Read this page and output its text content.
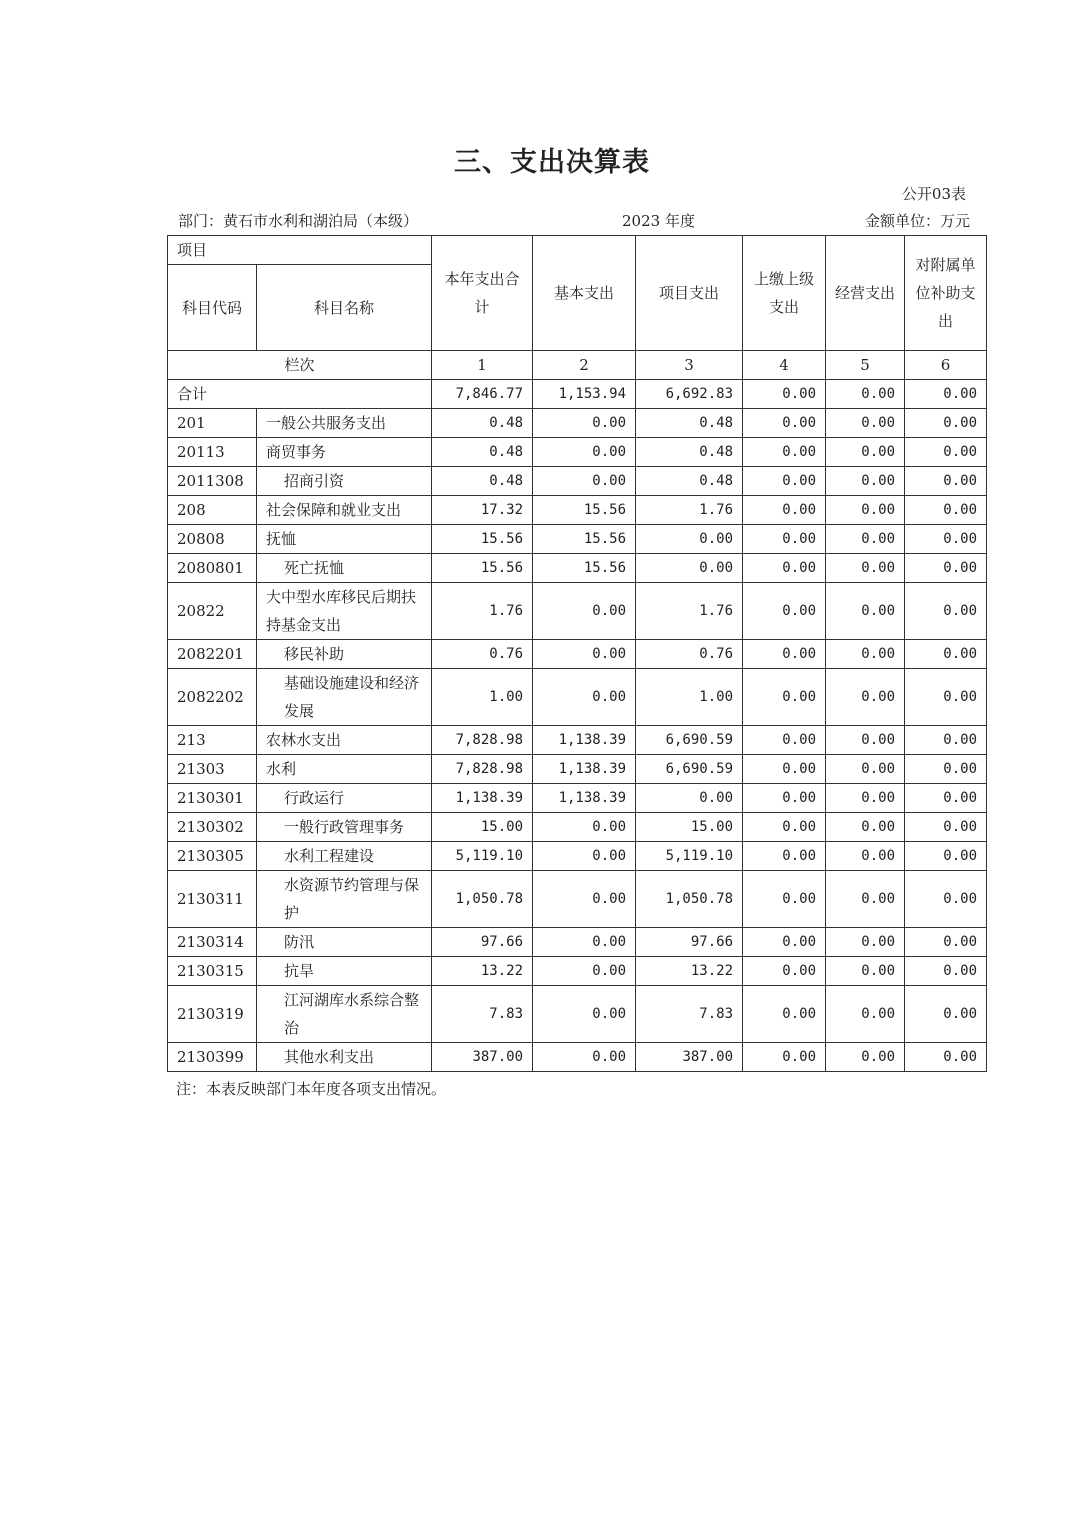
三、支出决算表
公开03表
部门：黄石市水利和湖泊局（本级）	2023 年度	金额单位：万元
项目		本年支出合计	基本支出	项目支出	上缴上级支出	经营支出	对附属单位补助支出
科目代码	科目名称						
栏次		1	2	3	4	5	6
合计		7,846.77	1,153.94	6,692.83	0.00	0.00	0.00
201	一般公共服务支出	0.48	0.00	0.48	0.00	0.00	0.00
20113	商贸事务	0.48	0.00	0.48	0.00	0.00	0.00
2011308	招商引资	0.48	0.00	0.48	0.00	0.00	0.00
208	社会保障和就业支出	17.32	15.56	1.76	0.00	0.00	0.00
20808	抚恤	15.56	15.56	0.00	0.00	0.00	0.00
2080801	死亡抚恤	15.56	15.56	0.00	0.00	0.00	0.00
20822	大中型水库移民后期扶持基金支出	1.76	0.00	1.76	0.00	0.00	0.00
2082201	移民补助	0.76	0.00	0.76	0.00	0.00	0.00
2082202	基础设施建设和经济发展	1.00	0.00	1.00	0.00	0.00	0.00
213	农林水支出	7,828.98	1,138.39	6,690.59	0.00	0.00	0.00
21303	水利	7,828.98	1,138.39	6,690.59	0.00	0.00	0.00
2130301	行政运行	1,138.39	1,138.39	0.00	0.00	0.00	0.00
2130302	一般行政管理事务	15.00	0.00	15.00	0.00	0.00	0.00
2130305	水利工程建设	5,119.10	0.00	5,119.10	0.00	0.00	0.00
2130311	水资源节约管理与保护	1,050.78	0.00	1,050.78	0.00	0.00	0.00
2130314	防汛	97.66	0.00	97.66	0.00	0.00	0.00
2130315	抗旱	13.22	0.00	13.22	0.00	0.00	0.00
2130319	江河湖库水系综合整治	7.83	0.00	7.83	0.00	0.00	0.00
2130399	其他水利支出	387.00	0.00	387.00	0.00	0.00	0.00
注：本表反映部门本年度各项支出情况。
